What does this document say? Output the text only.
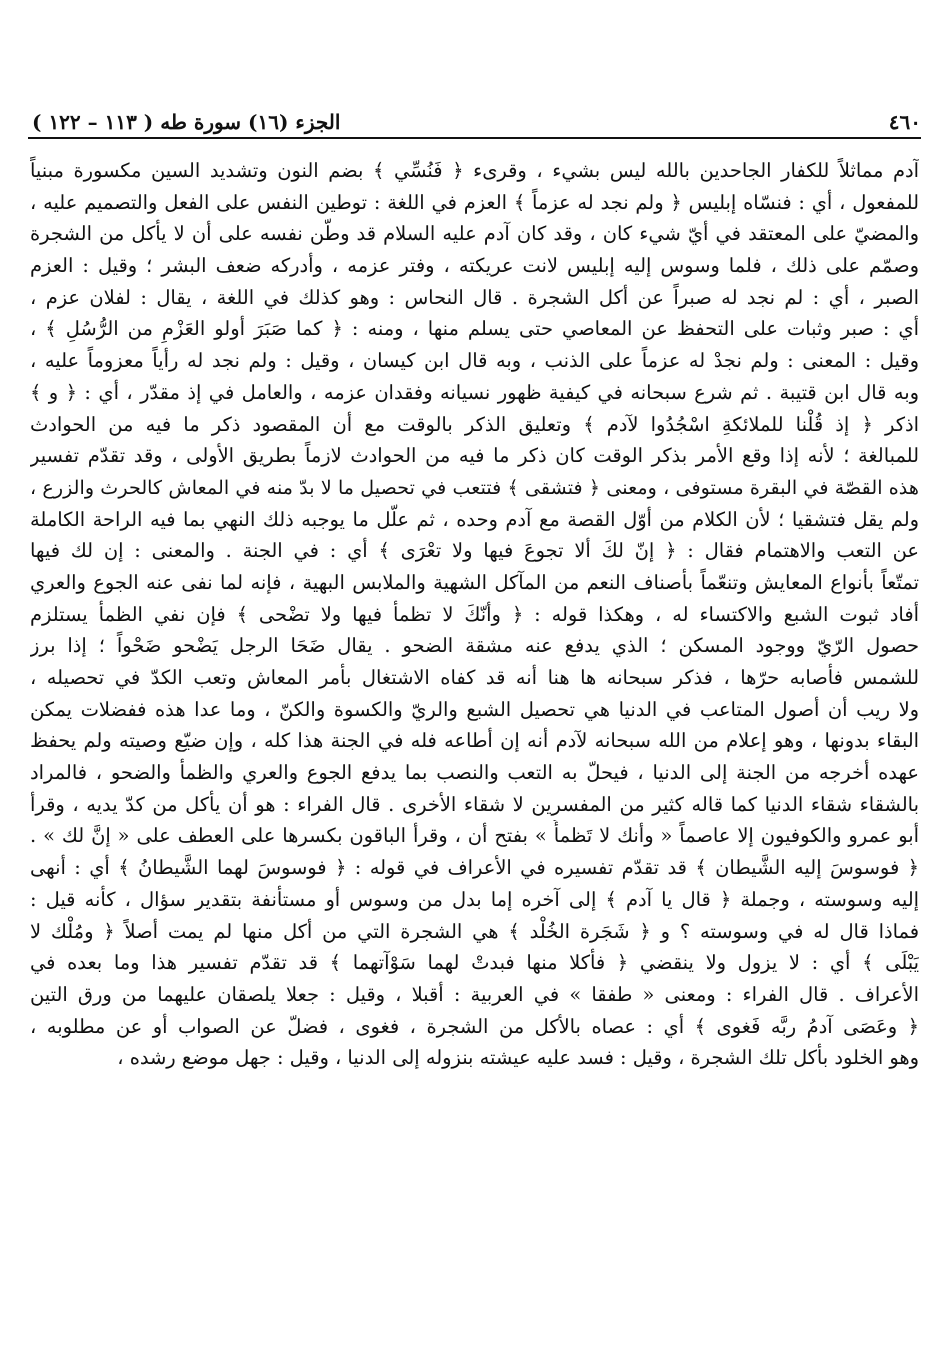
٤٦٠
الجزء (١٦) سورة طه ( ١١٣ – ١٢٢ )
آدم مماثلاً للكفار الجاحدين بالله ليس بشيء ، وقرىء ﴿ فَنُسِّي ﴾ بضم النون وتشديد السين مكسورة مبنياً
للمفعول ، أي : فنسّاه إبليس ﴿ ولم نجد له عزماً ﴾ العزم في اللغة : توطين النفس على الفعل والتصميم عليه ،
والمضيّ على المعتقد في أيّ شيء كان ، وقد كان آدم عليه السلام قد وطّن نفسه على أن لا يأكل من الشجرة
وصمّم على ذلك ، فلما وسوس إليه إبليس لانت عريكته ، وفتر عزمه ، وأدركه ضعف البشر ؛ وقيل : العزم
الصبر ، أي : لم نجد له صبراً عن أكل الشجرة . قال النحاس : وهو كذلك في اللغة ، يقال : لفلان عزم ،
أي : صبر وثبات على التحفظ عن المعاصي حتى يسلم منها ، ومنه : ﴿ كما صَبَرَ أولو العَزْمِ من الرُّسُلِ ﴾ ،
وقيل : المعنى : ولم نجدْ له عزماً على الذنب ، وبه قال ابن كيسان ، وقيل : ولم نجد له رأياً معزوماً عليه ،
وبه قال ابن قتيبة . ثم شرع سبحانه في كيفية ظهور نسيانه وفقدان عزمه ، والعامل في إذ مقدّر ، أي : ﴿ و ﴾
اذكر ﴿ إذ قُلْنا للملائكةِ اسْجُدُوا لآدم ﴾ وتعليق الذكر بالوقت مع أن المقصود ذكر ما فيه من الحوادث
للمبالغة ؛ لأنه إذا وقع الأمر بذكر الوقت كان ذكر ما فيه من الحوادث لازماً بطريق الأولى ، وقد تقدّم تفسير
هذه القصّة في البقرة مستوفى ، ومعنى ﴿ فتشقى ﴾ فتتعب في تحصيل ما لا بدّ منه في المعاش كالحرث والزرع ،
ولم يقل فتشقيا ؛ لأن الكلام من أوّل القصة مع آدم وحده ، ثم علّل ما يوجبه ذلك النهي بما فيه الراحة الكاملة
عن التعب والاهتمام فقال : ﴿ إنّ لكَ ألا تجوعَ فيها ولا تعْرَى ﴾ أي : في الجنة . والمعنى : إن لك فيها
تمتّعاً بأنواع المعايش وتنعّماً بأصناف النعم من المآكل الشهية والملابس البهية ، فإنه لما نفى عنه الجوع والعري
أفاد ثبوت الشبع والاكتساء له ، وهكذا قوله : ﴿ وأنّكَ لا تظمأ فيها ولا تضْحى ﴾ فإن نفي الظمأ يستلزم
حصول الرّيّ ووجود المسكن ؛ الذي يدفع عنه مشقة الضحو . يقال ضَحَا الرجل يَضْحو ضَحْواً ؛ إذا برز
للشمس فأصابه حرّها ، فذكر سبحانه ها هنا أنه قد كفاه الاشتغال بأمر المعاش وتعب الكدّ في تحصيله ،
ولا ريب أن أصول المتاعب في الدنيا هي تحصيل الشبع والريّ والكسوة والكنّ ، وما عدا هذه ففضلات يمكن
البقاء بدونها ، وهو إعلام من الله سبحانه لآدم أنه إن أطاعه فله في الجنة هذا كله ، وإن ضيّع وصيته ولم يحفظ
عهده أخرجه من الجنة إلى الدنيا ، فيحلّ به التعب والنصب بما يدفع الجوع والعري والظمأ والضحو ، فالمراد
بالشقاء شقاء الدنيا كما قاله كثير من المفسرين لا شقاء الأخرى . قال الفراء : هو أن يأكل من كدّ يديه ، وقرأ
أبو عمرو والكوفيون إلا عاصماً « وأنك لا تَظمأُ » بفتح أن ، وقرأ الباقون بكسرها على العطف على « إنَّ لك » .
﴿ فوسوسَ إليه الشَّيطان ﴾ قد تقدّم تفسيره في الأعراف في قوله : ﴿ فوسوسَ لهما الشَّيطانُ ﴾ أي : أنهى
إليه وسوسته ، وجملة ﴿ قال يا آدم ﴾ إلى آخره إما بدل من وسوس أو مستأنفة بتقدير سؤال ، كأنه قيل :
فماذا قال له في وسوسته ؟ و ﴿ شَجَرة الخُلْد ﴾ هي الشجرة التي من أكل منها لم يمت أصلاً ﴿ ومُلْك لا
يَبْلَى ﴾ أي : لا يزول ولا ينقضي ﴿ فأكلا منها فبدتْ لهما سَوْآتهما ﴾ قد تقدّم تفسير هذا وما بعده في
الأعراف . قال الفراء : ومعنى « طفقا » في العربية : أقبلا ، وقيل : جعلا يلصقان عليهما من ورق التين
﴿ وعَصَى آدمُ ربَّه فَغوى ﴾ أي : عصاه بالأكل من الشجرة ، فغوى ، فضلّ عن الصواب أو عن مطلوبه ،
وهو الخلود بأكل تلك الشجرة ، وقيل : فسد عليه عيشته بنزوله إلى الدنيا ، وقيل : جهل موضع رشده ،
